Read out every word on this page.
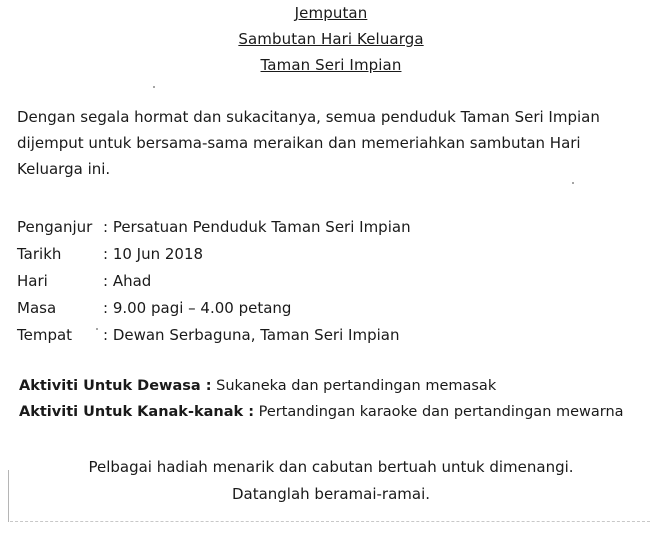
Jemputan
Sambutan Hari Keluarga
Taman Seri Impian
Dengan segala hormat dan sukacitanya, semua penduduk Taman Seri Impian
dijemput untuk bersama-sama meraikan dan memeriahkan sambutan Hari
Keluarga ini.
Penganjur : Persatuan Penduduk Taman Seri Impian
Tarikh	: 10 Jun 2018
Hari	: Ahad
Masa	: 9.00 pagi – 4.00 petang
Tempat : Dewan Serbaguna, Taman Seri Impian
Aktiviti Untuk Dewasa : Sukaneka dan pertandingan memasak
Aktiviti Untuk Kanak-kanak : Pertandingan karaoke dan pertandingan mewarna
Pelbagai hadiah menarik dan cabutan bertuah untuk dimenangi.
Datanglah beramai-ramai.
